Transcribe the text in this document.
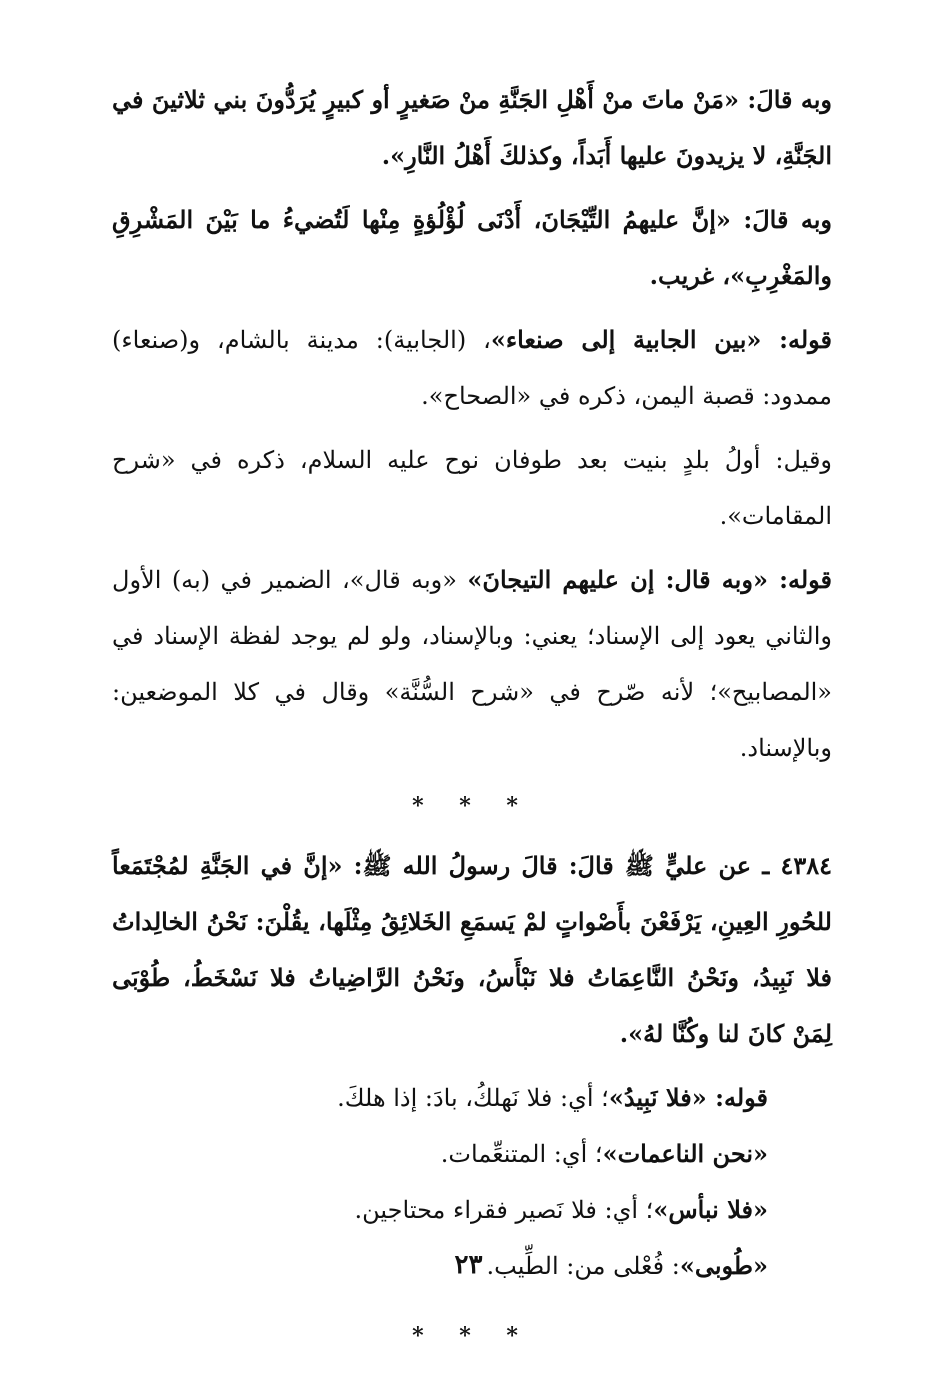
وبه قالَ: «مَنْ ماتَ منْ أَهْلِ الجَنَّةِ منْ صَغيرٍ أو كبيرٍ يُرَدُّونَ بني ثلاثينَ في الجَنَّةِ، لا يزيدونَ عليها أَبَداً، وكذلكَ أَهْلُ النَّارِ».

وبه قالَ: «إنَّ عليهمُ التِّيْجَانَ، أَدْنَى لُؤْلُؤةٍ مِنْها لَتُضيءُ ما بَيْنَ المَشْرِقِ والمَغْرِبِ»، غريب.

قوله: «بين الجابية إلى صنعاء»، (الجابية): مدينة بالشام، و(صنعاء) ممدود: قصبة اليمن، ذكره في «الصحاح».

وقيل: أولُ بلدٍ بنيت بعد طوفان نوح عليه السلام، ذكره في «شرح المقامات».

قوله: «وبه قال: إن عليهم التيجانَ» «وبه قال»، الضمير في (به) الأول والثاني يعود إلى الإسناد؛ يعني: وبالإسناد، ولو لم يوجد لفظة الإسناد في «المصابيح»؛ لأنه صّرح في «شرح السُّنَّة» وقال في كلا الموضعين: وبالإسناد.

* * *

٤٣٨٤ ـ عن عليٍّ ﷺ قالَ: قالَ رسولُ الله ﷺ: «إنَّ في الجَنَّةِ لمُجْتَمَعاً للحُورِ العِينِ، يَرْفَعْنَ بأَصْواتٍ لمْ يَسمَعِ الخَلائِقُ مِثْلَها، يقُلْنَ: نَحْنُ الخالِداتُ فلا نَبِيدُ، ونَحْنُ النَّاعِمَاتُ فلا نَبْأَسُ، ونَحْنُ الرَّاضِياتُ فلا نَسْخَطُ، طُوْبَى لِمَنْ كانَ لنا وكُنَّا لهُ».

قوله: «فلا نَبِيدُ»؛ أي: فلا نَهلكُ، بادَ: إذا هلكَ.

«نحن الناعمات»؛ أي: المتنعِّمات.

«فلا نبأس»؛ أي: فلا نَصير فقراء محتاجين.

«طُوبى»: فُعْلى من: الطِّيب.

* * *
٢٣
